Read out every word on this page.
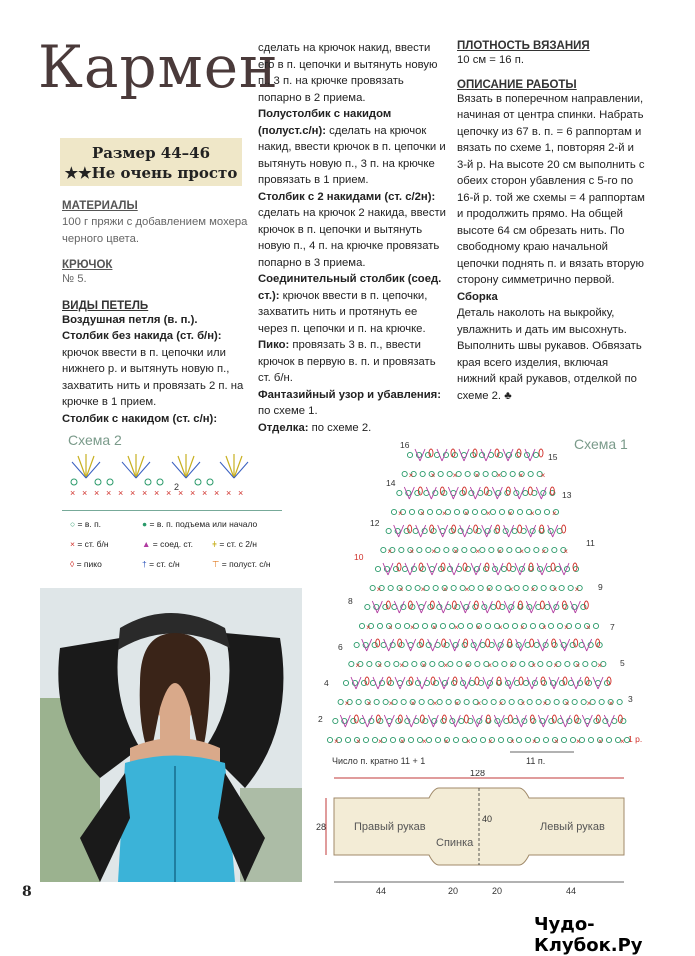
Кармен
Размер 44–46
★★Не очень просто
МАТЕРИАЛЫ
100 г пряжи с добавлением мохера черного цвета.
КРЮЧОК
№ 5.
ВИДЫ ПЕТЕЛЬ
Воздушная петля (в. п.).
Столбик без накида (ст. б/н): крючок ввести в п. цепочки или нижнего р. и вытянуть новую п., захватить нить и провязать 2 п. на крючке в 1 прием.
Столбик с накидом (ст. с/н):
сделать на крючок накид, ввести его в п. цепочки и вытянуть новую п., 3 п. на крючке провязать попарно в 2 приема.
Полустолбик с накидом (полуст.с/н): сделать на крючок накид, ввести крючок в п. цепочки и вытянуть новую п., 3 п. на крючке провязать в 1 прием.
Столбик с 2 накидами (ст. с/2н): сделать на крючок 2 накида, ввести крючок в п. цепочки и вытянуть новую п., 4 п. на крючке провязать попарно в 3 приема.
Соединительный столбик (соед. ст.): крючок ввести в п. цепочки, захватить нить и протянуть ее через п. цепочки и п. на крючке.
Пико: провязать 3 в. п., ввести крючок в первую в. п. и провязать ст. б/н.
Фантазийный узор и убавления: по схеме 1.
Отделка: по схеме 2.
ПЛОТНОСТЬ ВЯЗАНИЯ
10 см = 16 п.
ОПИСАНИЕ РАБОТЫ
Вязать в поперечном направлении, начиная от центра спинки. Набрать цепочку из 67 в. п. = 6 раппортам и вязать по схеме 1, повторяя 2-й и 3-й р. На высоте 20 см выполнить с обеих сторон убавления с 5-го по 16-й р. той же схемы = 4 раппортам и продолжить прямо. На общей высоте 64 см обрезать нить. По свободному краю начальной цепочки поднять п. и вязать вторую сторону симметрично первой.
Сборка
Деталь наколоть на выкройку, увлажнить и дать им высохнуть. Выполнить швы рукавов. Обвязать края всего изделия, включая нижний край рукавов, отделкой по схеме 2. ♣
Схема 2
× × × × × × × × × × × × × × ×
2
○ = в. п.	● = в. п. подъема или начало
× = ст. б/н	▲ = соед. ст. ǂ = ст. с 2/н
◊ = пико	† = ст. с/н	⊤ = полуст. с/н
Схема 1
× × × × × × × × × × × × × ×
× × × × × × × × × × × × ×
× × × × × × × × × × × ×
× × × × × × × × × × ×
× × × × × × × × × ×
× × × × × × × × ×
× × × × × × × ×
× × × × × × ×
16
14
12
10
8
6
4
2
15
13
11
9
7
5
3
1 р.
Число п. кратно 11 + 1	11 п.
128
28
40
Правый рукав
Спинка
Левый рукав
44	20	20	44
8
Чудо-Клубок.Ру
